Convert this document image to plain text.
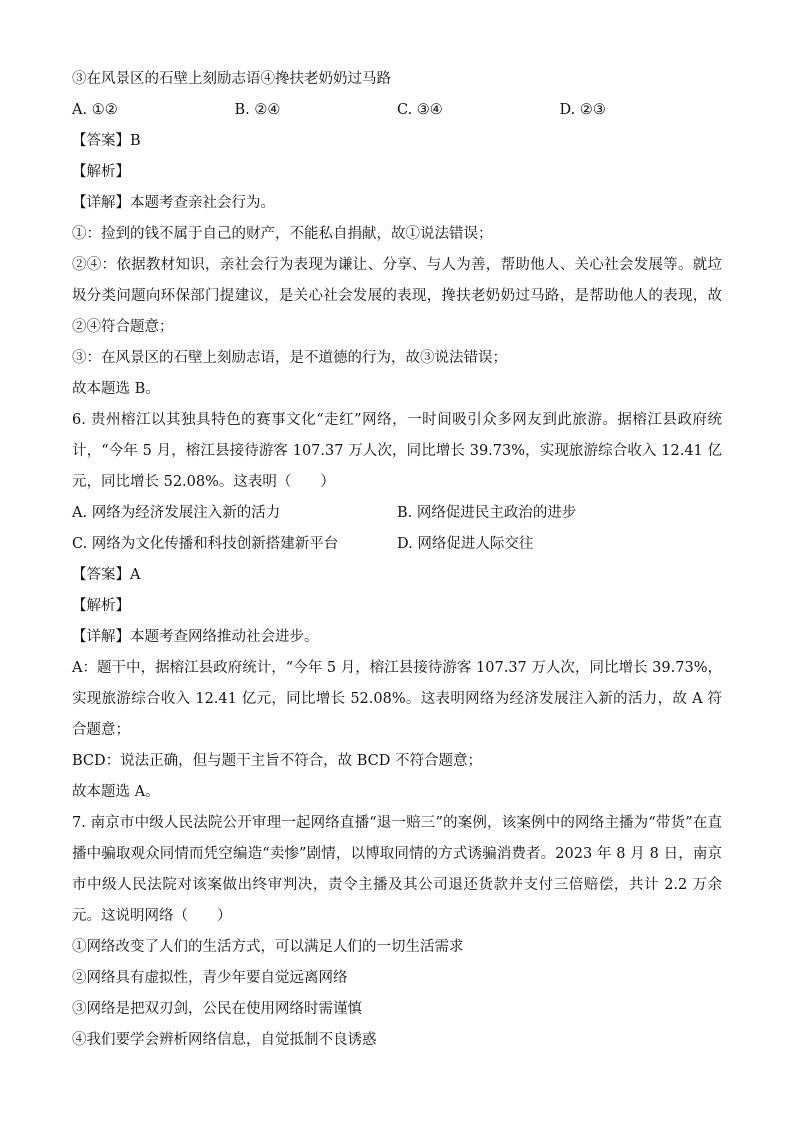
③在风景区的石壁上刻励志语④搀扶老奶奶过马路

A. ①②	B. ②④	C. ③④	D. ②③

【答案】B

【解析】

【详解】本题考查亲社会行为。

①：捡到的钱不属于自己的财产，不能私自捐献，故①说法错误；

②④：依据教材知识，亲社会行为表现为谦让、分享、与人为善，帮助他人、关心社会发展等。就垃圾分类问题向环保部门提建议，是关心社会发展的表现，搀扶老奶奶过马路，是帮助他人的表现，故②④符合题意；

③：在风景区的石壁上刻励志语，是不道德的行为，故③说法错误；

故本题选 B。

6. 贵州榕江以其独具特色的赛事文化“走红”网络，一时间吸引众多网友到此旅游。据榕江县政府统计，“今年 5 月，榕江县接待游客 107.37 万人次，同比增长 39.73%，实现旅游综合收入 12.41 亿元，同比增长 52.08%。这表明（　　）

A. 网络为经济发展注入新的活力	B. 网络促进民主政治的进步
C. 网络为文化传播和科技创新搭建新平台	D. 网络促进人际交往

【答案】A

【解析】

【详解】本题考查网络推动社会进步。

A：题干中，据榕江县政府统计，“今年 5 月，榕江县接待游客 107.37 万人次，同比增长 39.73%，实现旅游综合收入 12.41 亿元，同比增长 52.08%。这表明网络为经济发展注入新的活力，故 A 符合题意；

BCD：说法正确，但与题干主旨不符合，故 BCD 不符合题意；

故本题选 A。

7. 南京市中级人民法院公开审理一起网络直播“退一赔三”的案例，该案例中的网络主播为“带货”在直播中骗取观众同情而凭空编造“卖惨”剧情，以博取同情的方式诱骗消费者。2023 年 8 月 8 日，南京市中级人民法院对该案做出终审判决，责令主播及其公司退还货款并支付三倍赔偿，共计 2.2 万余元。这说明网络（　　）

①网络改变了人们的生活方式，可以满足人们的一切生活需求

②网络具有虚拟性，青少年要自觉远离网络

③网络是把双刃剑，公民在使用网络时需谨慎

④我们要学会辨析网络信息，自觉抵制不良诱惑
